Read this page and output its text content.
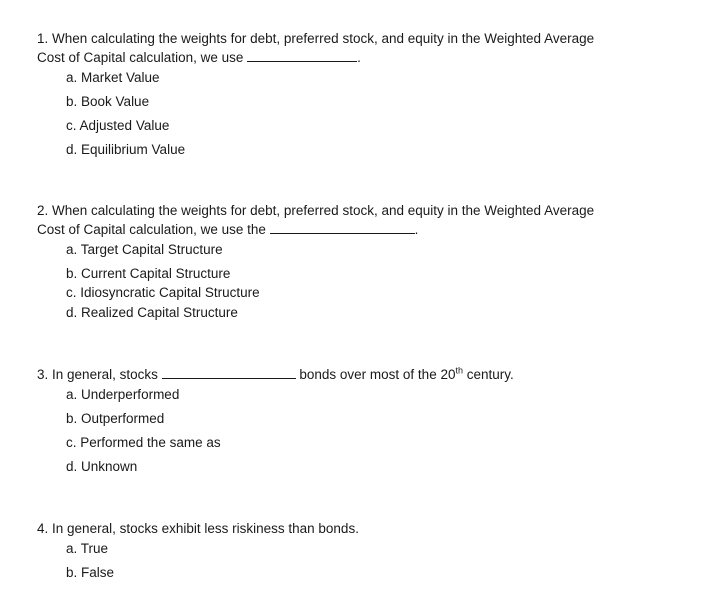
1. When calculating the weights for debt, preferred stock, and equity in the Weighted Average
Cost of Capital calculation, we use	.
a. Market Value
b. Book Value
c. Adjusted Value
d. Equilibrium Value
2. When calculating the weights for debt, preferred stock, and equity in the Weighted Average
Cost of Capital calculation, we use the	.
a. Target Capital Structure
b. Current Capital Structure
c. Idiosyncratic Capital Structure
d. Realized Capital Structure
3. In general, stocks	bonds over most of the 20th century.
a. Underperformed
b. Outperformed
c. Performed the same as
d. Unknown
4. In general, stocks exhibit less riskiness than bonds.
a. True
b. False
